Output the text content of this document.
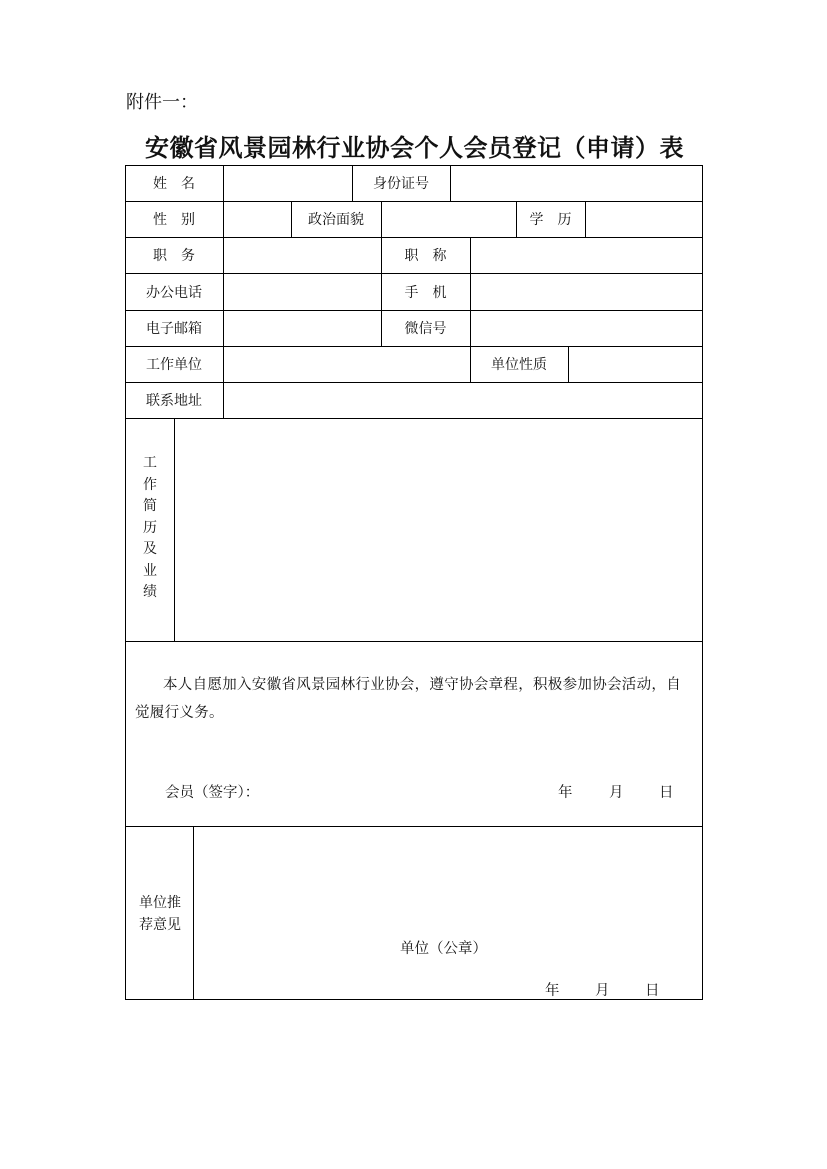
附件一：
安徽省风景园林行业协会个人会员登记（申请）表
姓　名	身份证号
性　别	政治面貌	学　历
职　务	职　称
办公电话	手　机
电子邮箱	微信号
工作单位	单位性质
联系地址
工
作
简
历
及
业
绩
本人自愿加入安徽省风景园林行业协会，遵守协会章程，积极参加协会活动，自觉履行义务。
会员（签字）：	年	月 日
单位推
荐意见
单位（公章）
年 月 日
